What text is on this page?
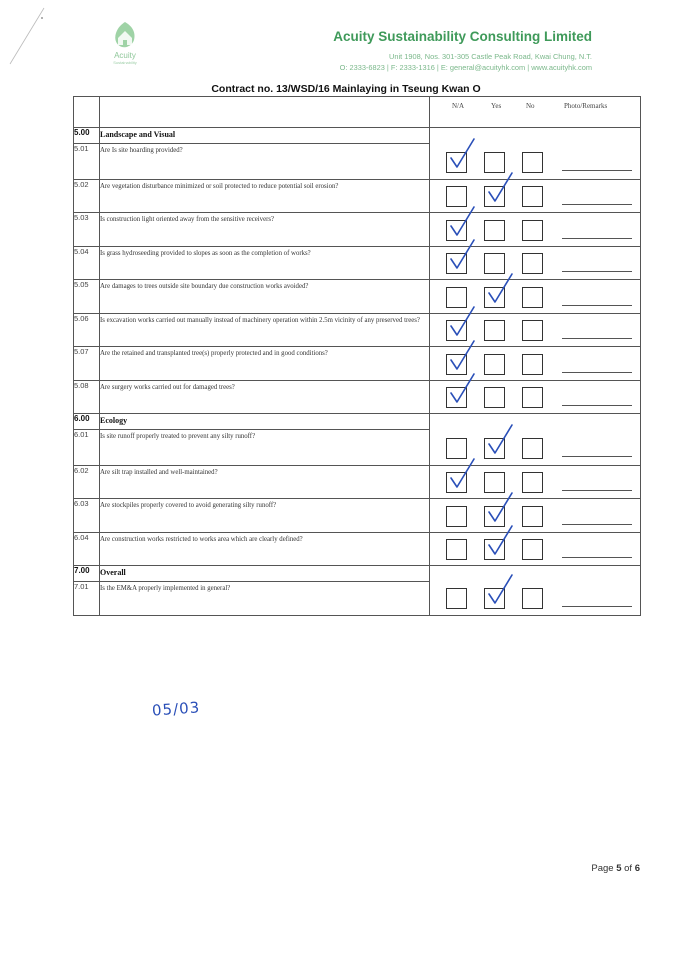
Acuity
Sustainability
Acuity Sustainability Consulting Limited
Unit 1908, Nos. 301-305 Castle Peak Road, Kwai Chung, N.T.
O: 2333-6823 | F: 2333-1316 | E: general@acuityhk.com | www.acuityhk.com
Contract no. 13/WSD/16 Mainlaying in Tseung Kwan O

		N/A Yes No Photo/Remarks

5.00	Landscape and Visual	
5.01	Are Is site hoarding provided?	

5.02	Are vegetation disturbance minimized or soil protected to reduce potential soil erosion?	

5.03	Is construction light oriented away from the sensitive receivers?	

5.04	Is grass hydroseeding provided to slopes as soon as the completion of works?	

5.05	Are damages to trees outside site boundary due construction works avoided?	

5.06	Is excavation works carried out manually instead of machinery operation within 2.5m vicinity of any preserved trees?	

5.07	Are the retained and transplanted tree(s) properly protected and in good conditions?	

5.08	Are surgery works carried out for damaged trees?	

6.00	Ecology	
6.01	Is site runoff properly treated to prevent any silty runoff?	

6.02	Are silt trap installed and well-maintained?	

6.03	Are stockpiles properly covered to avoid generating silty runoff?	

6.04	Are construction works restricted to works area which are clearly defined?	

7.00	Overall	
7.01	Is the EM&A properly implemented in general?	
05/03
Page 5 of 6
